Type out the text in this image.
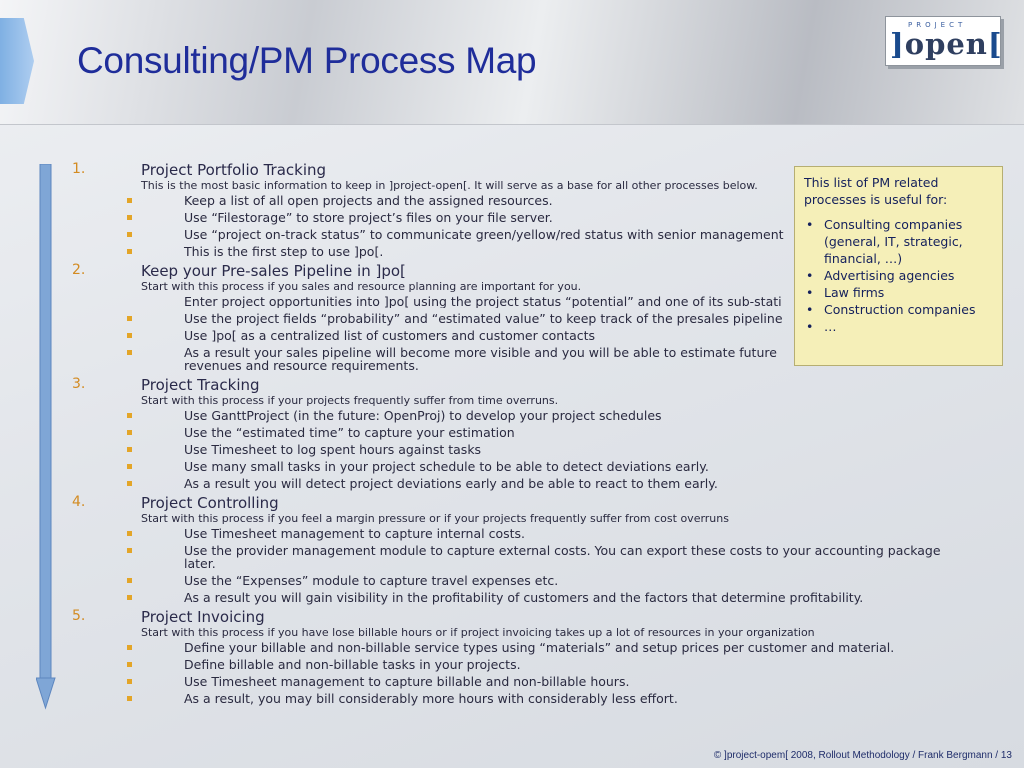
Consulting/PM Process Map
PROJECT
]open[
1.	Project Portfolio Tracking
This is the most basic information to keep in ]project-open[. It will serve as a base for all other processes below.
Keep a list of all open projects and the assigned resources.
Use “Filestorage” to store project’s files on your file server.
Use “project on-track status” to communicate green/yellow/red status with senior management
This is the first step to use ]po[.
2.	Keep your Pre-sales Pipeline in ]po[
Start with this process if you sales and resource planning are important for you.
Enter project opportunities into ]po[ using the project status “potential” and one of its sub-stati
Use the project fields “probability” and “estimated value” to keep track of the presales pipeline
Use ]po[ as a centralized list of customers and customer contacts
As a result your sales pipeline will become more visible and you will be able to estimate future revenues and resource requirements.
3.	Project Tracking
Start with this process if your projects frequently suffer from time overruns.
Use GanttProject (in the future: OpenProj) to develop your project schedules
Use the “estimated time” to capture your estimation
Use Timesheet to log spent hours against tasks
Use many small tasks in your project schedule to be able to detect deviations early.
As a result you will detect project deviations early and be able to react to them early.
4.	Project Controlling
Start with this process if you feel a margin pressure or if your projects frequently suffer from cost overruns
Use Timesheet management to capture internal costs.
Use the provider management module to capture external costs. You can export these costs to your accounting package later.
Use the “Expenses” module to capture travel expenses etc.
As a result you will gain visibility in the profitability of customers and the factors that determine profitability.
5.	Project Invoicing
Start with this process if you have lose billable hours or if project invoicing takes up a lot of resources in your organization
Define your billable and non-billable service types using “materials” and setup prices per customer and material.
Define billable and non-billable tasks in your projects.
Use Timesheet management to capture billable and non-billable hours.
As a result, you may bill considerably more hours with considerably less effort.
This list of PM related processes is useful for:
• Consulting companies (general, IT, strategic, financial, …)
• Advertising agencies
• Law firms
• Construction companies
• …
© ]project-opem[ 2008, Rollout Methodology / Frank Bergmann / 13
